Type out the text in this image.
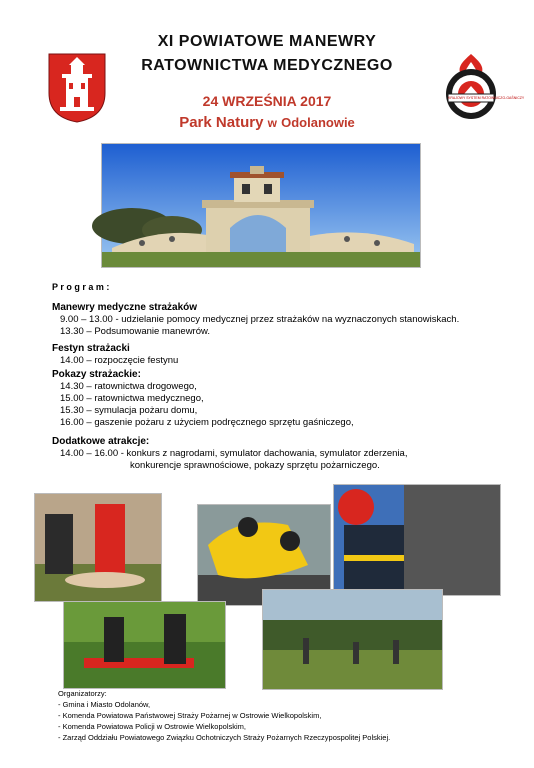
KRAJOWY SYSTEM RATOWNICZO-GAŚNICZY
XI POWIATOWE MANEWRY
RATOWNICTWA MEDYCZNEGO
24 WRZEŚNIA 2017
Park Natury w Odolanowie
P r o g r a m :
Manewry medyczne strażaków
9.00 – 13.00 - udzielanie pomocy medycznej przez strażaków na wyznaczonych stanowiskach.
13.30 – Podsumowanie manewrów.
Festyn strażacki
14.00 – rozpoczęcie festynu
Pokazy strażackie:
14.30 – ratownictwa drogowego,
15.00 – ratownictwa medycznego,
15.30 – symulacja pożaru domu,
16.00 – gaszenie pożaru z użyciem podręcznego sprzętu gaśniczego,
Dodatkowe atrakcje:
14.00 – 16.00 - konkurs z nagrodami, symulator dachowania, symulator zderzenia,
konkurencje sprawnościowe, pokazy sprzętu pożarniczego.
Organizatorzy:
- Gmina i Miasto Odolanów,
- Komenda Powiatowa Państwowej Straży Pożarnej w Ostrowie Wielkopolskim,
- Komenda Powiatowa Policji w Ostrowie Wielkopolskim,
- Zarząd Oddziału Powiatowego Związku Ochotniczych Straży Pożarnych Rzeczypospolitej Polskiej.
